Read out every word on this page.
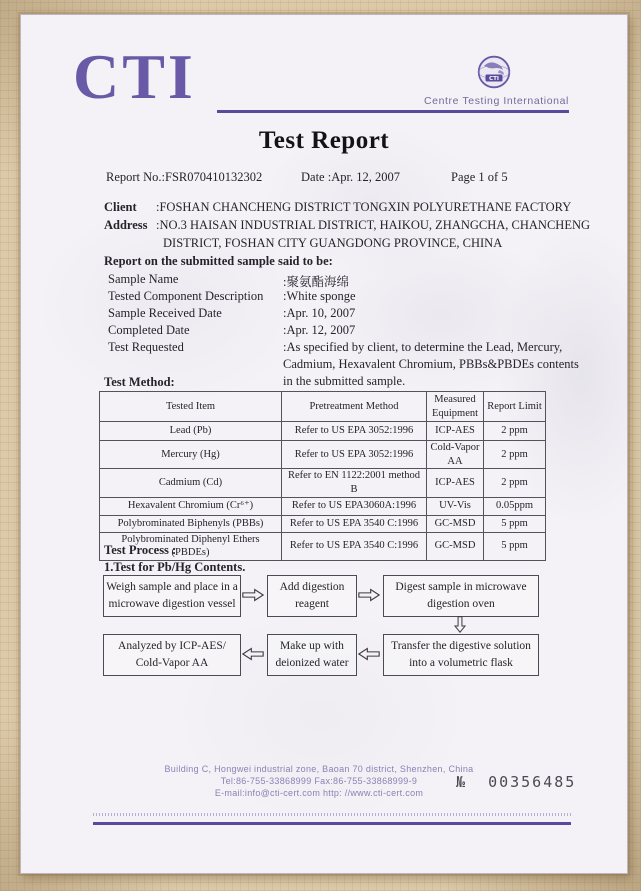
CTI	CTI
Centre Testing International
Test Report
Report No.:FSR070410132302	Date :Apr. 12, 2007	Page 1 of 5
Client :FOSHAN CHANCHENG DISTRICT TONGXIN POLYURETHANE FACTORY
Address :NO.3 HAISAN INDUSTRIAL DISTRICT, HAIKOU, ZHANGCHA, CHANCHENG
DISTRICT, FOSHAN CITY GUANGDONG PROVINCE, CHINA
Report on the submitted sample said to be:
Sample Name	:聚氨酯海绵
Tested Component Description :White sponge
Sample Received Date	:Apr. 10, 2007
Completed Date	:Apr. 12, 2007
Test Requested	:As specified by client, to determine the Lead, Mercury,
Cadmium, Hexavalent Chromium, PBBs&PBDEs contents
in the submitted sample.
Test Method:
Tested Item	Pretreatment Method	Measured Equipment	Report Limit
Lead (Pb)	Refer to US EPA 3052:1996	ICP-AES	2 ppm
Mercury (Hg)	Refer to US EPA 3052:1996	Cold-Vapor AA	2 ppm
Cadmium (Cd)	Refer to EN 1122:2001 method B	ICP-AES	2 ppm
Hexavalent Chromium (Cr⁶⁺)	Refer to US EPA3060A:1996	UV-Vis	0.05ppm
Polybrominated Biphenyls (PBBs)	Refer to US EPA 3540 C:1996	GC-MSD	5 ppm
Polybrominated Diphenyl Ethers (PBDEs)	Refer to US EPA 3540 C:1996	GC-MSD	5 ppm
Test Process :
1.Test for Pb/Hg Contents.
Weigh sample and place in a microwave digestion vessel
Add digestion reagent
Digest sample in microwave digestion oven
Analyzed by ICP-AES/ Cold-Vapor AA
Make up with deionized water
Transfer the digestive solution into a volumetric flask
Building C, Hongwei industrial zone, Baoan 70 district, Shenzhen, China
Tel:86-755-33868999 Fax:86-755-33868999-9
E-mail:info@cti-cert.com http: //www.cti-cert.com
№ 00356485
